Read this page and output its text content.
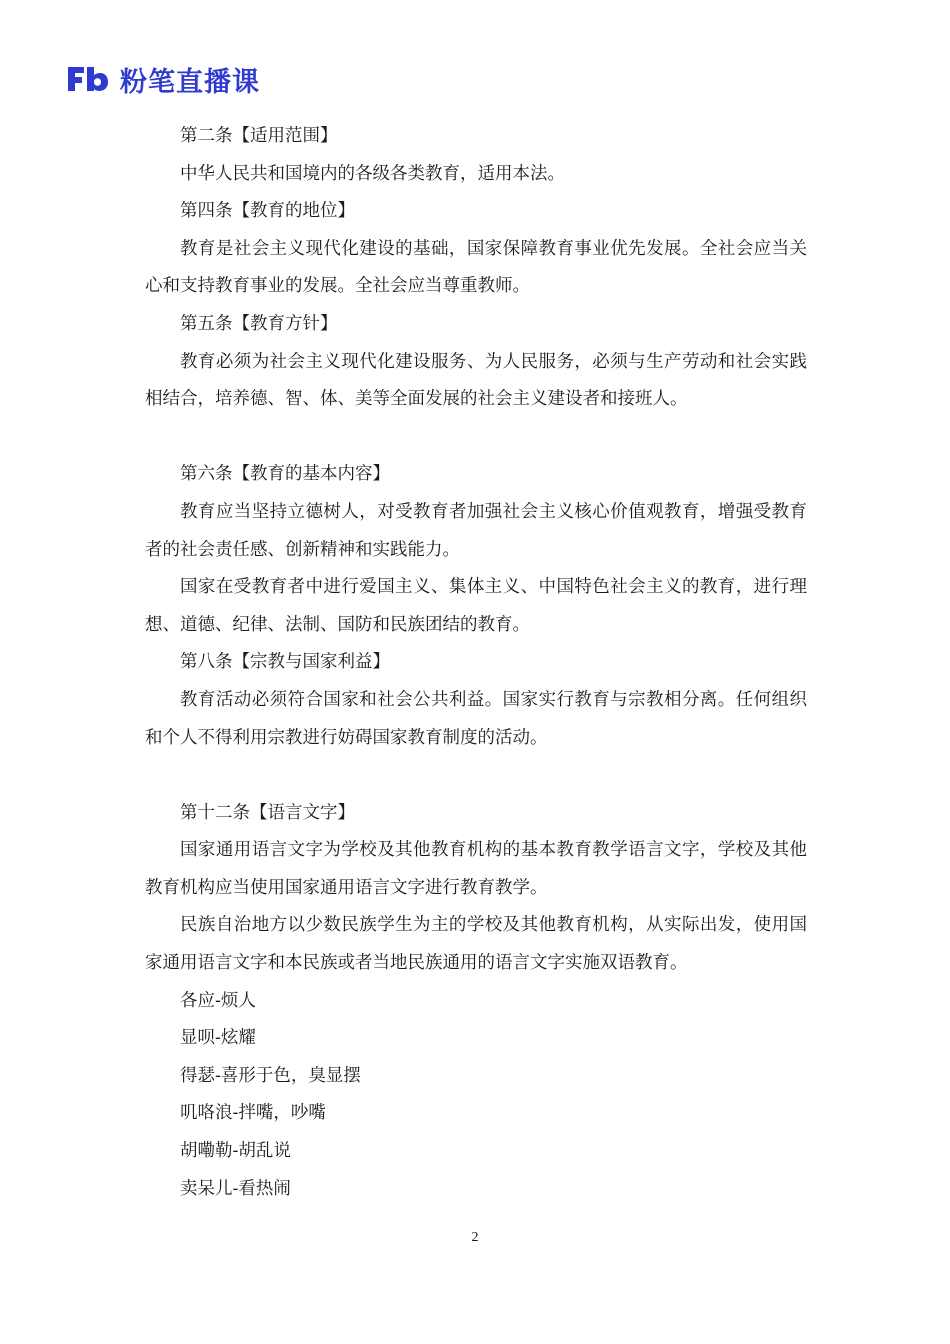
粉笔直播课

第二条【适用范围】

中华人民共和国境内的各级各类教育，适用本法。

第四条【教育的地位】

教育是社会主义现代化建设的基础，国家保障教育事业优先发展。全社会应当关心和支持教育事业的发展。全社会应当尊重教师。

第五条【教育方针】

教育必须为社会主义现代化建设服务、为人民服务，必须与生产劳动和社会实践相结合，培养德、智、体、美等全面发展的社会主义建设者和接班人。

第六条【教育的基本内容】

教育应当坚持立德树人，对受教育者加强社会主义核心价值观教育，增强受教育者的社会责任感、创新精神和实践能力。

国家在受教育者中进行爱国主义、集体主义、中国特色社会主义的教育，进行理想、道德、纪律、法制、国防和民族团结的教育。

第八条【宗教与国家利益】

教育活动必须符合国家和社会公共利益。国家实行教育与宗教相分离。任何组织和个人不得利用宗教进行妨碍国家教育制度的活动。

第十二条【语言文字】

国家通用语言文字为学校及其他教育机构的基本教育教学语言文字，学校及其他教育机构应当使用国家通用语言文字进行教育教学。

民族自治地方以少数民族学生为主的学校及其他教育机构，从实际出发，使用国家通用语言文字和本民族或者当地民族通用的语言文字实施双语教育。

各应-烦人

显呗-炫耀

得瑟-喜形于色，臭显摆

叽咯浪-拌嘴，吵嘴

胡嘞勒-胡乱说

卖呆儿-看热闹

2
